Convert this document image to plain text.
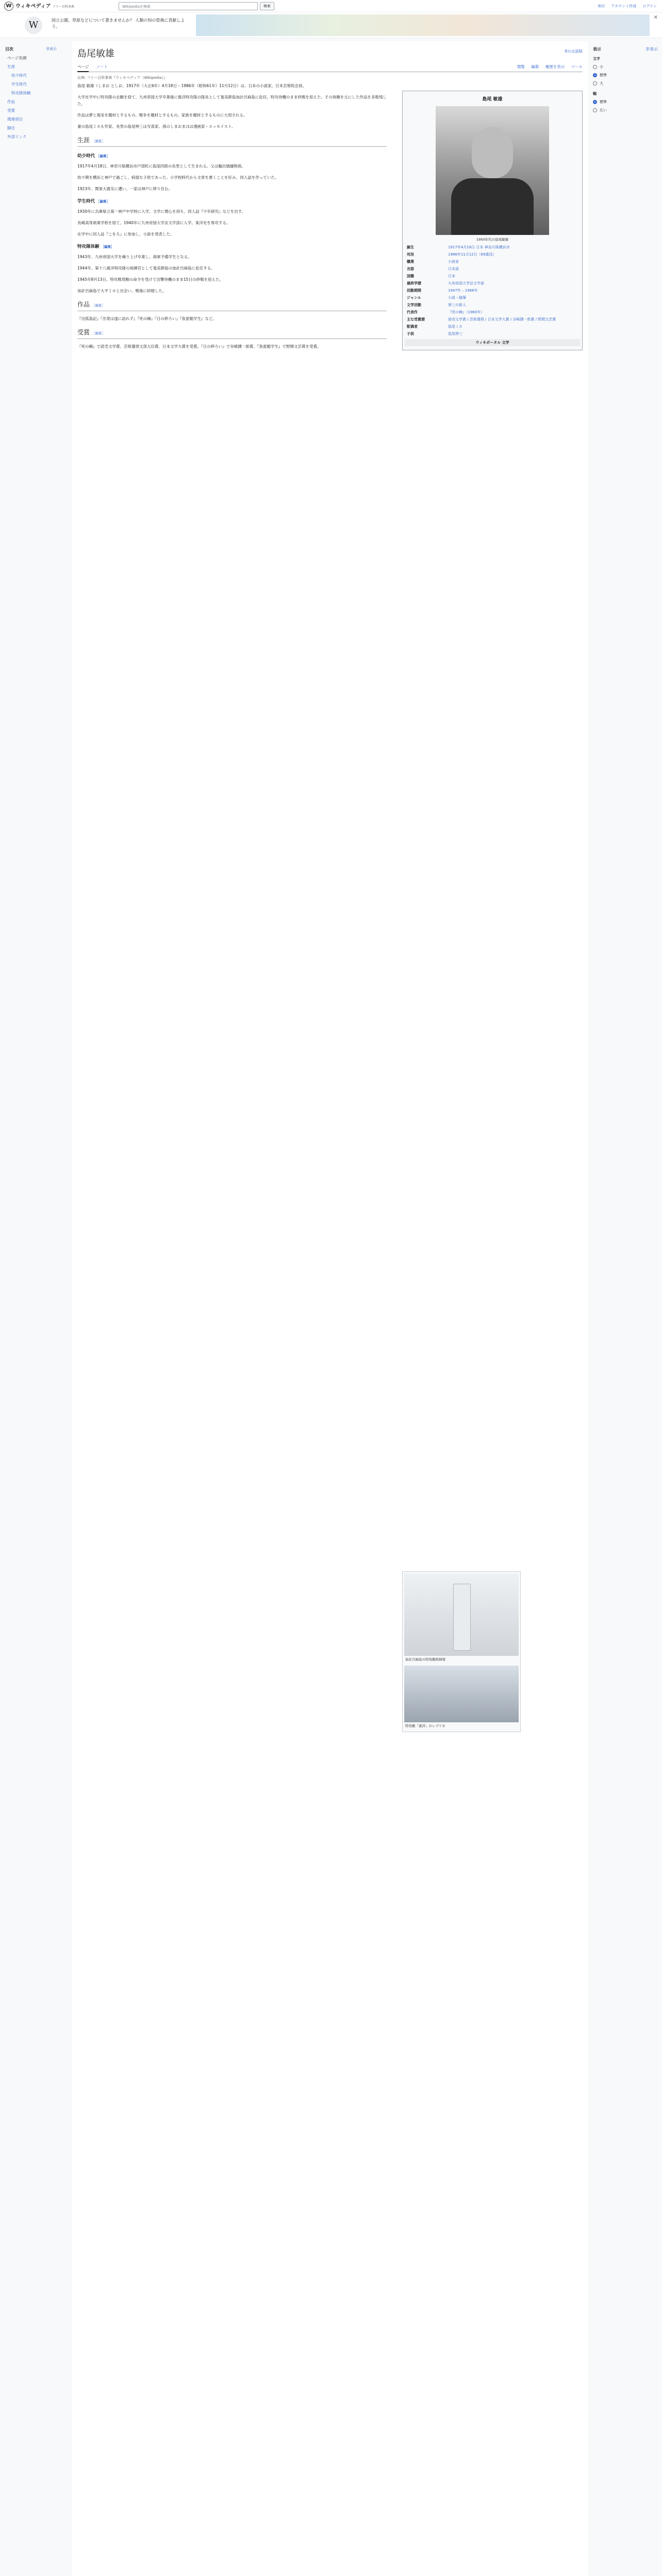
W ウィキペディア フリー百科事典	Wikipediaを検索	検索	寄付 アカウント作成 ログイン
W	国立公園、草原などについて書きませんか？ 人類の知の祭典に貢献しよう。
×
非表示
目次
ページ先頭
生涯
幼少時代
学生時代
特攻隊体験
作品
受賞
関連項目
脚注
外部リンク
島尾敏雄	9の言語版
ページ ノート	閲覧 編集 履歴を表示 ツール
出典: フリー百科事典『ウィキペディア（Wikipedia）』

島尾 敏雄（しまお としお、1917年（大正6年）4月18日 – 1986年（昭和61年）11月12日）は、日本の小説家。日本芸術院会員。

大学在学中に特攻隊の志願を経て、九州帝国大学卒業後に震洋特攻隊の隊長として奄美群島加計呂麻島に赴任。特攻待機のまま終戦を迎えた。その体験を元にした作品を多数残した。

作品は夢と現実を題材とするもの、戦争を題材とするもの、家族を題材とするものに大別される。

妻の島尾ミホも作家。長男の島尾伸三は写真家、孫のしまおまほは漫画家・エッセイスト。

生涯 ［編集］
幼少時代 ［編集］

1917年4月18日、神奈川県横浜市戸部町に島尾四郎の長男として生まれる。父は輸出絹織物商。

幼少期を横浜と神戸で過ごし、病弱な子供であった。小学校時代から文章を書くことを好み、同人誌を作っていた。

1923年、関東大震災に遭い、一家は神戸に移り住む。

学生時代 ［編集］

1930年に兵庫県立第一神戸中学校に入学。文学に関心を持ち、同人誌『少年研究』などを出す。

長崎高等商業学校を経て、1940年に九州帝国大学法文学部に入学。東洋史を専攻する。

在学中に同人誌『こをろ』に参加し、小説を発表した。

特攻隊体験 ［編集］

1943年、九州帝国大学を繰り上げ卒業し、海軍予備学生となる。

1944年、第十八震洋特攻隊の指揮官として奄美群島の加計呂麻島に赴任する。

1945年8月13日、特攻戦発動の命令を受けて出撃待機のまま15日の終戦を迎えた。

加計呂麻島で大平ミホと出会い、戦後に結婚した。

作品 ［編集］

『出孤島記』『出発は遂に訪れず』『死の棘』『日の移ろい』『魚雷艇学生』など。

受賞 ［編集］

『死の棘』で読売文学賞、芸術選奨文部大臣賞、日本文学大賞を受賞。『日の移ろい』で谷崎潤一郎賞、『魚雷艇学生』で野間文芸賞を受賞。

島尾 敏雄
1950年代の島尾敏雄
誕生	1917年4月18日 日本 神奈川県横浜市
死没	1986年11月12日（69歳没）
職業	小説家
言語	日本語
国籍	日本
最終学歴	九州帝国大学法文学部
活動期間	1947年 – 1986年
ジャンル	小説・随筆
文学活動	第三の新人
代表作	『死の棘』（1960年）
主な受賞歴	読売文学賞 / 芸術選奨 / 日本文学大賞 / 谷崎潤一郎賞 / 野間文芸賞
配偶者	島尾ミホ
子供	島尾伸三
ウィキポータル 文学

加計呂麻島の特攻艇格納壕

特攻艇「震洋」のレプリカ

非表示
表示
文字
小
標準
大
幅
標準
広い
